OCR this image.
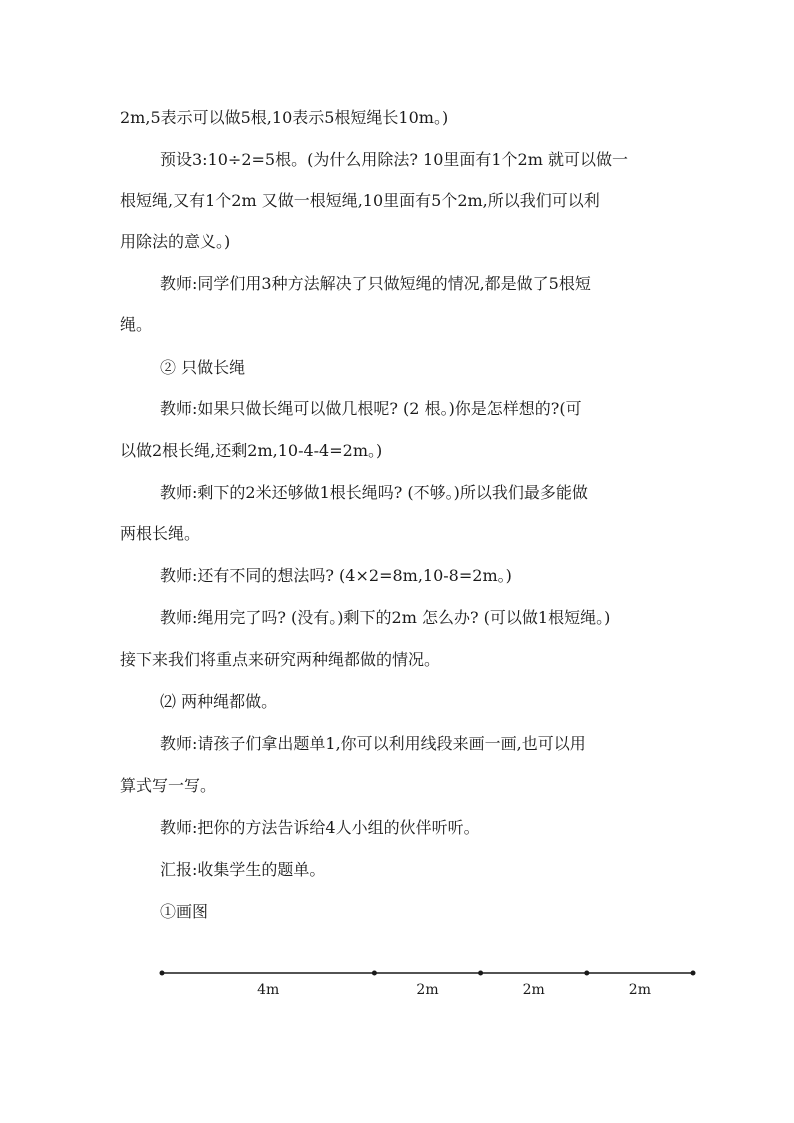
2m,5表示可以做5根,10表示5根短绳长10m。)

预设3:10÷2=5根。(为什么用除法? 10里面有1个2m 就可以做一

根短绳,又有1个2m 又做一根短绳,10里面有5个2m,所以我们可以利

用除法的意义。)

教师:同学们用3种方法解决了只做短绳的情况,都是做了5根短

绳。

② 只做长绳

教师:如果只做长绳可以做几根呢? (2 根。)你是怎样想的?(可

以做2根长绳,还剩2m,10-4-4=2m。)

教师:剩下的2米还够做1根长绳吗? (不够。)所以我们最多能做

两根长绳。

教师:还有不同的想法吗? (4×2=8m,10-8=2m。)

教师:绳用完了吗? (没有。)剩下的2m 怎么办? (可以做1根短绳。)

接下来我们将重点来研究两种绳都做的情况。

⑵ 两种绳都做。

教师:请孩子们拿出题单1,你可以利用线段来画一画,也可以用

算式写一写。

教师:把你的方法告诉给4人小组的伙伴听听。

汇报:收集学生的题单。

①画图

4m	2m	2m	2m
